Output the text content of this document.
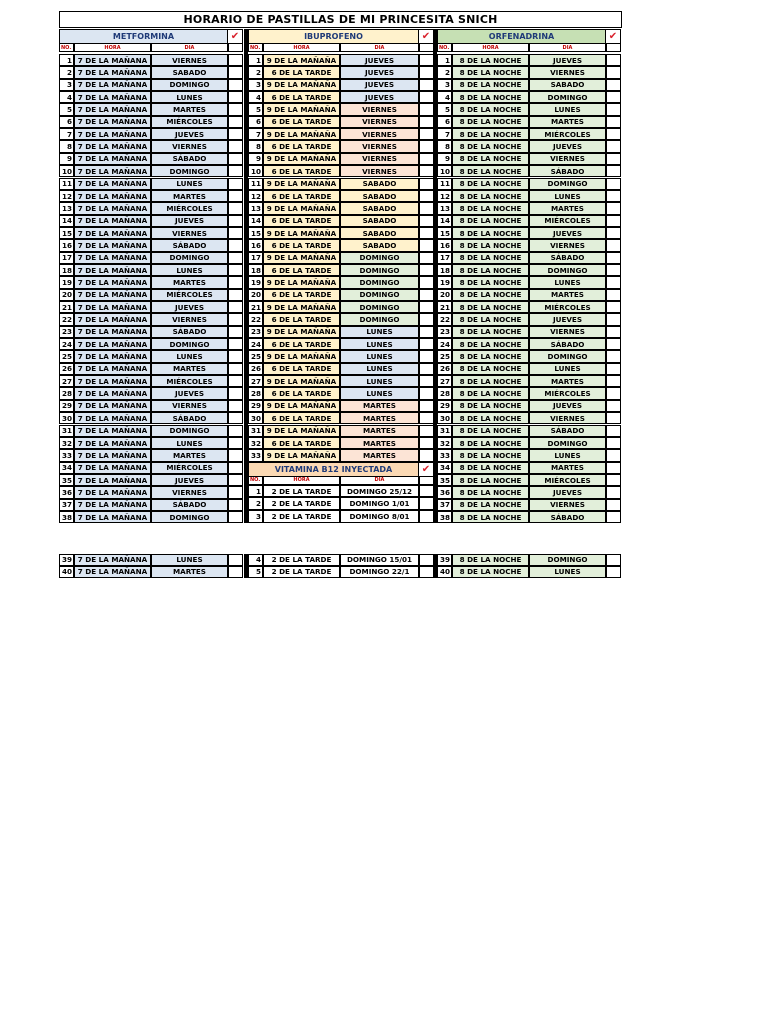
HORARIO DE PASTILLAS DE MI PRINCESITA SNICH
METFORMINA	✔
NO.	HORA	DIA
IBUPROFENO	✔
NO.	HORA	DIA
ORFENADRINA	✔
NO.	HORA	DIA
1 7 DE LA MAÑANA	VIERNES
2 7 DE LA MAÑANA	SABADO
3 7 DE LA MAÑANA	DOMINGO
4 7 DE LA MAÑANA	LUNES
5 7 DE LA MAÑANA	MARTES
6 7 DE LA MAÑANA	MIÉRCOLES
7 7 DE LA MAÑANA	JUEVES
8 7 DE LA MAÑANA	VIERNES
9 7 DE LA MAÑANA	SÁBADO
10 7 DE LA MAÑANA	DOMINGO
11 7 DE LA MAÑANA	LUNES
12 7 DE LA MAÑANA	MARTES
13 7 DE LA MAÑANA	MIÉRCOLES
14 7 DE LA MAÑANA	JUEVES
15 7 DE LA MAÑANA	VIERNES
16 7 DE LA MAÑANA	SÁBADO
17 7 DE LA MAÑANA	DOMINGO
18 7 DE LA MAÑANA	LUNES
19 7 DE LA MAÑANA	MARTES
20 7 DE LA MAÑANA	MIÉRCOLES
21 7 DE LA MAÑANA	JUEVES
22 7 DE LA MAÑANA	VIERNES
23 7 DE LA MAÑANA	SÁBADO
24 7 DE LA MAÑANA	DOMINGO
25 7 DE LA MAÑANA	LUNES
26 7 DE LA MAÑANA	MARTES
27 7 DE LA MAÑANA	MIÉRCOLES
28 7 DE LA MAÑANA	JUEVES
29 7 DE LA MAÑANA	VIERNES
30 7 DE LA MAÑANA	SÁBADO
31 7 DE LA MAÑANA	DOMINGO
32 7 DE LA MAÑANA	LUNES
33 7 DE LA MAÑANA	MARTES
34 7 DE LA MAÑANA	MIÉRCOLES
35 7 DE LA MAÑANA	JUEVES
36 7 DE LA MAÑANA	VIERNES
37 7 DE LA MAÑANA	SÁBADO
38 7 DE LA MAÑANA	DOMINGO
1	8 DE LA NOCHE	JUEVES
2	8 DE LA NOCHE	VIERNES
3	8 DE LA NOCHE	SABADO
4	8 DE LA NOCHE	DOMINGO
5	8 DE LA NOCHE	LUNES
6	8 DE LA NOCHE	MARTES
7	8 DE LA NOCHE	MIÉRCOLES
8	8 DE LA NOCHE	JUEVES
9	8 DE LA NOCHE	VIERNES
10	8 DE LA NOCHE	SÁBADO
11	8 DE LA NOCHE	DOMINGO
12	8 DE LA NOCHE	LUNES
13	8 DE LA NOCHE	MARTES
14	8 DE LA NOCHE	MIÉRCOLES
15	8 DE LA NOCHE	JUEVES
16	8 DE LA NOCHE	VIERNES
17	8 DE LA NOCHE	SÁBADO
18	8 DE LA NOCHE	DOMINGO
19	8 DE LA NOCHE	LUNES
20	8 DE LA NOCHE	MARTES
21	8 DE LA NOCHE	MIÉRCOLES
22	8 DE LA NOCHE	JUEVES
23	8 DE LA NOCHE	VIERNES
24	8 DE LA NOCHE	SÁBADO
25	8 DE LA NOCHE	DOMINGO
26	8 DE LA NOCHE	LUNES
27	8 DE LA NOCHE	MARTES
28	8 DE LA NOCHE	MIÉRCOLES
29	8 DE LA NOCHE	JUEVES
30	8 DE LA NOCHE	VIERNES
31	8 DE LA NOCHE	SÁBADO
32	8 DE LA NOCHE	DOMINGO
33	8 DE LA NOCHE	LUNES
34	8 DE LA NOCHE	MARTES
35	8 DE LA NOCHE	MIÉRCOLES
36	8 DE LA NOCHE	JUEVES
37	8 DE LA NOCHE	VIERNES
38	8 DE LA NOCHE	SÁBADO
1 9 DE LA MAÑAÑA	JUEVES
2	6 DE LA TARDE	JUEVES
3 9 DE LA MAÑAÑA	JUEVES
4	6 DE LA TARDE	JUEVES
5 9 DE LA MAÑAÑA	VIERNES
6	6 DE LA TARDE	VIERNES
7 9 DE LA MAÑAÑA	VIERNES
8	6 DE LA TARDE	VIERNES
9 9 DE LA MAÑAÑA	VIERNES
10	6 DE LA TARDE	VIERNES
11 9 DE LA MAÑAÑA	SABADO
12	6 DE LA TARDE	SABADO
13 9 DE LA MAÑAÑA	SABADO
14	6 DE LA TARDE	SABADO
15 9 DE LA MAÑAÑA	SABADO
16	6 DE LA TARDE	SABADO
17 9 DE LA MAÑAÑA	DOMINGO
18	6 DE LA TARDE	DOMINGO
19 9 DE LA MAÑAÑA	DOMINGO
20	6 DE LA TARDE	DOMINGO
21 9 DE LA MAÑAÑA	DOMINGO
22	6 DE LA TARDE	DOMINGO
23 9 DE LA MAÑAÑA	LUNES
24	6 DE LA TARDE	LUNES
25 9 DE LA MAÑAÑA	LUNES
26	6 DE LA TARDE	LUNES
27 9 DE LA MAÑAÑA	LUNES
28	6 DE LA TARDE	LUNES
29 9 DE LA MAÑAÑA	MARTES
30	6 DE LA TARDE	MARTES
31 9 DE LA MAÑAÑA	MARTES
32	6 DE LA TARDE	MARTES
33 9 DE LA MAÑAÑA	MARTES
VITAMINA B12 INYECTADA	✔
NO.	HORA	DIA
1	2 DE LA TARDE	DOMINGO 25/12
2	2 DE LA TARDE	DOMINGO 1/01
3	2 DE LA TARDE	DOMINGO 8/01
39 7 DE LA MAÑANA	LUNES
40 7 DE LA MAÑANA	MARTES
4	2 DE LA TARDE	DOMINGO 15/01
5	2 DE LA TARDE	DOMINGO 22/1
39	8 DE LA NOCHE	DOMINGO
40	8 DE LA NOCHE	LUNES
